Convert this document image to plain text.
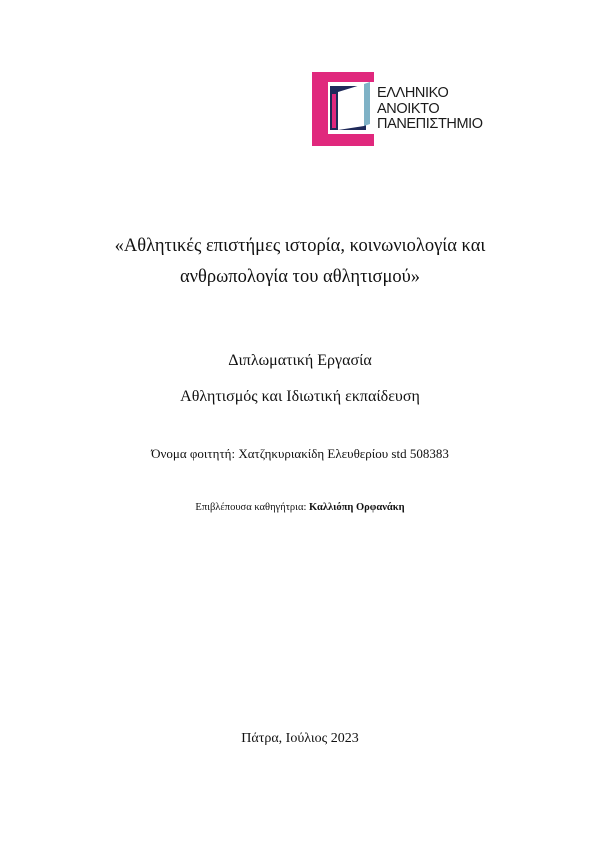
ΕΛΛΗΝΙΚΟ
ΑΝΟΙΚΤΟ
ΠΑΝΕΠΙΣΤΗΜΙΟ
«Αθλητικές επιστήμες ιστορία, κοινωνιολογία και
ανθρωπολογία του αθλητισμού»
Διπλωματική Εργασία
Αθλητισμός και Ιδιωτική εκπαίδευση
Όνομα φοιτητή: Χατζηκυριακίδη Ελευθερίου std 508383
Επιβλέπουσα καθηγήτρια: Καλλιόπη Ορφανάκη
Πάτρα, Ιούλιος 2023
